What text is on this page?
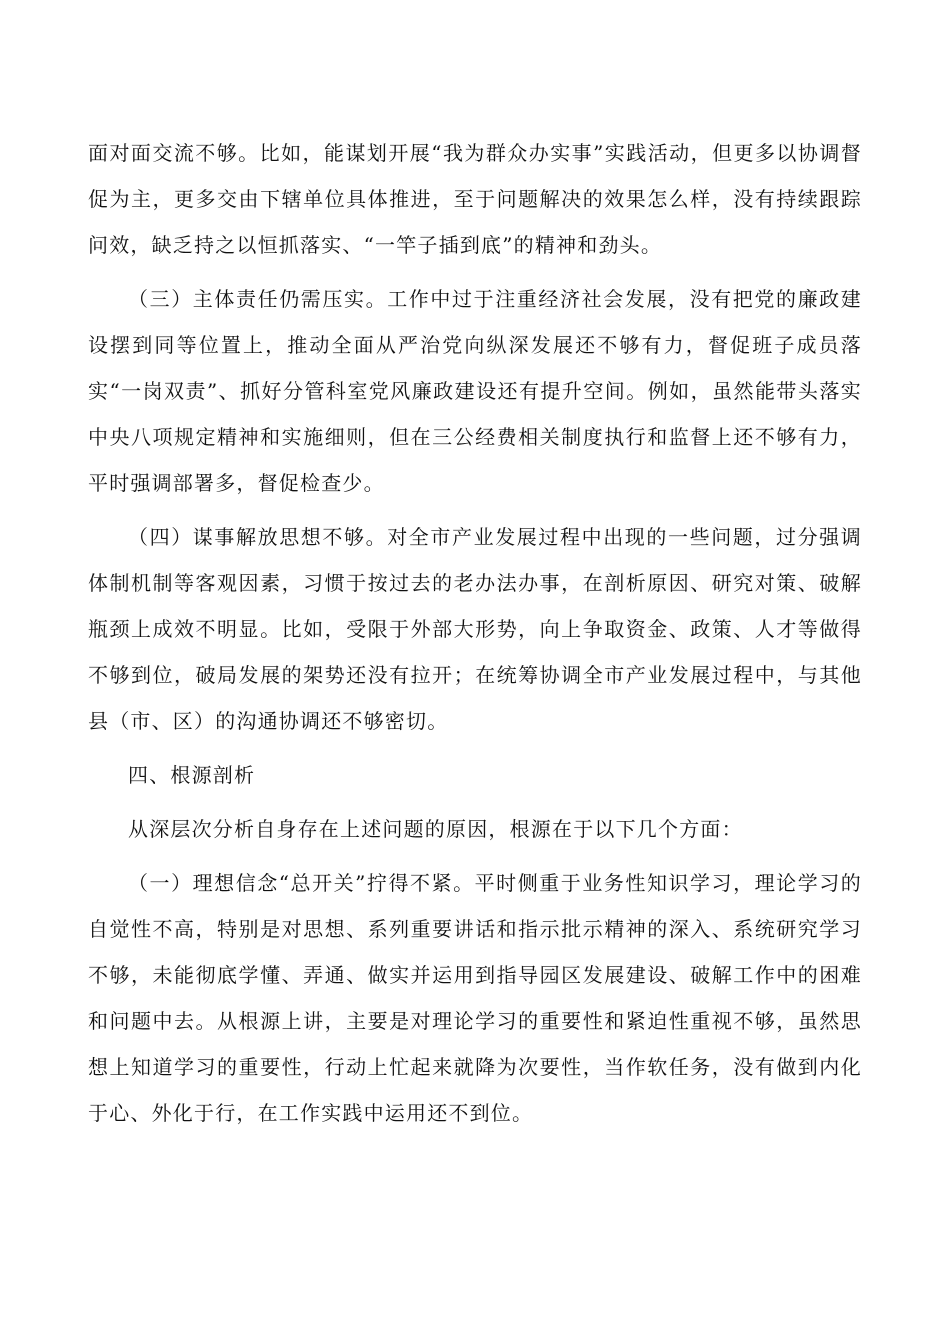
面对面交流不够。比如，能谋划开展“我为群众办实事”实践活动，但更多以协调督促为主，更多交由下辖单位具体推进，至于问题解决的效果怎么样，没有持续跟踪问效，缺乏持之以恒抓落实、“一竿子插到底”的精神和劲头。

（三）主体责任仍需压实。工作中过于注重经济社会发展，没有把党的廉政建设摆到同等位置上，推动全面从严治党向纵深发展还不够有力，督促班子成员落实“一岗双责”、抓好分管科室党风廉政建设还有提升空间。例如，虽然能带头落实中央八项规定精神和实施细则，但在三公经费相关制度执行和监督上还不够有力，平时强调部署多，督促检查少。

（四）谋事解放思想不够。对全市产业发展过程中出现的一些问题，过分强调体制机制等客观因素，习惯于按过去的老办法办事，在剖析原因、研究对策、破解瓶颈上成效不明显。比如，受限于外部大形势，向上争取资金、政策、人才等做得不够到位，破局发展的架势还没有拉开；在统筹协调全市产业发展过程中，与其他县（市、区）的沟通协调还不够密切。

四、根源剖析

从深层次分析自身存在上述问题的原因，根源在于以下几个方面：

（一）理想信念“总开关”拧得不紧。平时侧重于业务性知识学习，理论学习的自觉性不高，特别是对思想、系列重要讲话和指示批示精神的深入、系统研究学习不够，未能彻底学懂、弄通、做实并运用到指导园区发展建设、破解工作中的困难和问题中去。从根源上讲，主要是对理论学习的重要性和紧迫性重视不够，虽然思想上知道学习的重要性，行动上忙起来就降为次要性，当作软任务，没有做到内化于心、外化于行，在工作实践中运用还不到位。
